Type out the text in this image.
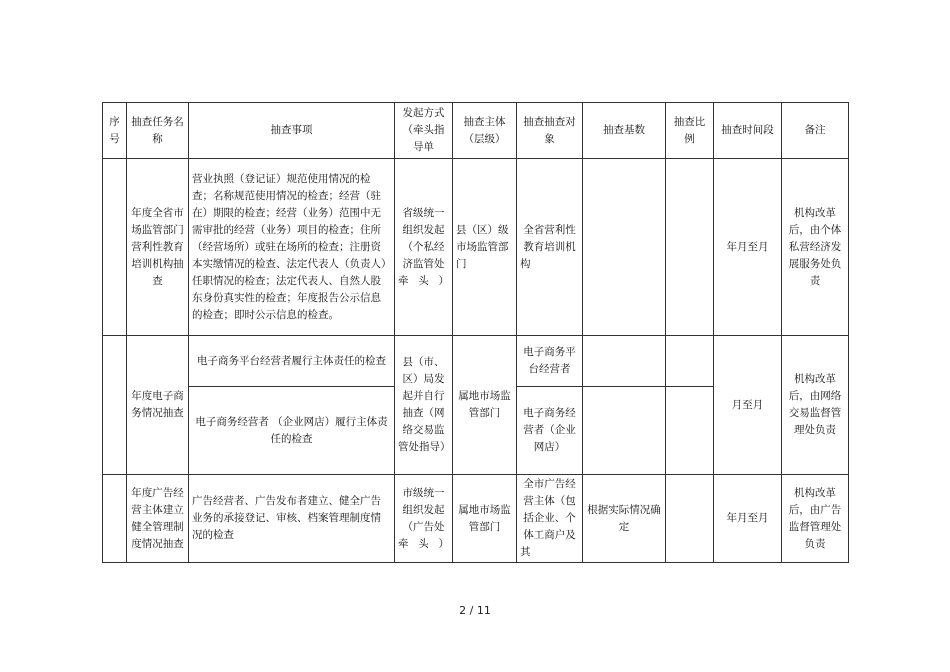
序号	抽查任务名称	抽查事项	发起方式（牵头指导单	抽查主体（层级）	抽查抽查对象	抽查基数	抽查比例	抽查时间段	备注
	年度全省市场监管部门营利性教育培训机构抽查	营业执照（登记证）规范使用情况的检查；名称规范使用情况的检查；经营（驻在）期限的检查；经营（业务）范围中无需审批的经营（业务）项目的检查；住所（经营场所）或驻在场所的检查；注册资本实缴情况的检查、法定代表人（负责人）任职情况的检查；法定代表人、自然人股东身份真实性的检查；年度报告公示信息的检查；即时公示信息的检查。	省级统一组织发起（个私经济监管处牵头）	县（区）级市场监管部门	全省营利性教育培训机构			年月至月	机构改革后，由个体私营经济发展服务处负责
	年度电子商务情况抽查	电子商务平台经营者履行主体责任的检查	县（市、区）局发起并自行抽查（网络交易监管处指导）	属地市场监管部门	电子商务平台经营者			月至月	机构改革后，由网络交易监督管理处负责
		电子商务经营者 （企业网店）履行主体责任的检查			电子商务经营者（企业网店）				
	年度广告经营主体建立健全管理制度情况抽查	广告经营者、广告发布者建立、健全广告业务的承接登记、审核、档案管理制度情况的检查	市级统一组织发起（广告处牵头）	属地市场监管部门	全市广告经营主体（包括企业、个体工商户及其	根据实际情况确定		年月至月	机构改革后，由广告监督管理处负责
2 / 11
